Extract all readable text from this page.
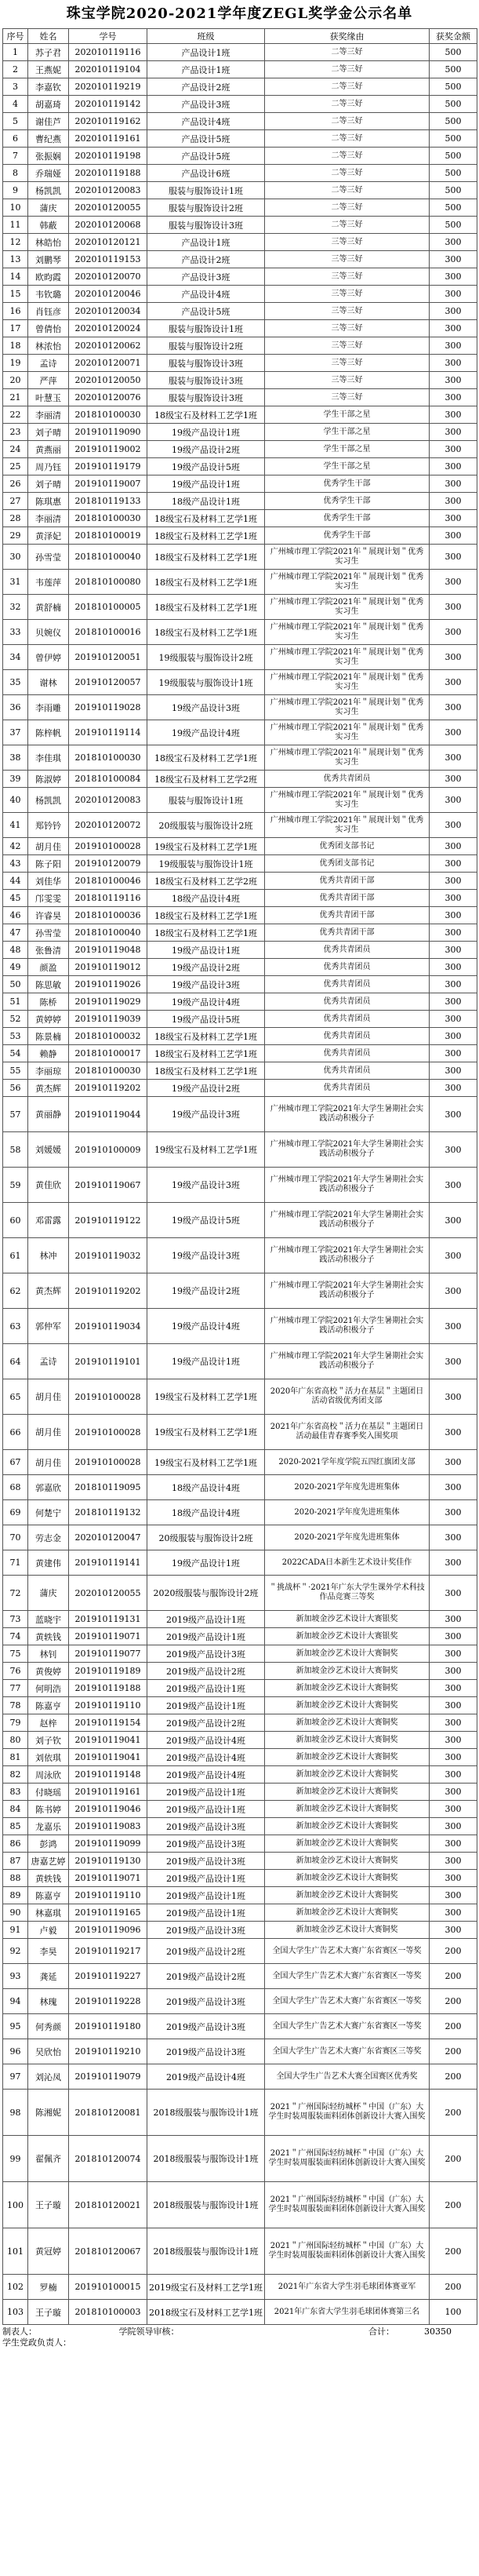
珠宝学院2020-2021学年度ZEGL奖学金公示名单
序号	姓名	学号	班级	获奖缘由	获奖金额
1	苏子君	202010119116	产品设计1班	二等三好	500
2	王燕妮	202010119104	产品设计1班	二等三好	500
3	李嘉钦	202010119219	产品设计2班	二等三好	500
4	胡嘉琦	202010119142	产品设计3班	二等三好	500
5	谢佳芦	202010119162	产品设计4班	二等三好	500
6	曹纪燕	202010119161	产品设计5班	二等三好	500
7	张振娴	202010119198	产品设计5班	二等三好	500
8	乔瑞娅	202010119188	产品设计6班	二等三好	500
9	杨凯凯	202010120083	服装与服饰设计1班	二等三好	500
10	蒲庆	202010120055	服装与服饰设计2班	二等三好	500
11	韩蔽	202010120068	服装与服饰设计3班	二等三好	500
12	林皓怡	202010120121	产品设计1班	三等三好	300
13	刘鹏琴	202010119153	产品设计2班	三等三好	300
14	欧昀霞	202010120070	产品设计3班	三等三好	300
15	韦钦璐	202010120046	产品设计4班	三等三好	300
16	肖钰彦	202010120034	产品设计5班	三等三好	300
17	曾倩怡	202010120024	服装与服饰设计1班	三等三好	300
18	林浓怡	202010120062	服装与服饰设计2班	三等三好	300
19	孟诗	202010120071	服装与服饰设计3班	三等三好	300
20	严萍	202010120050	服装与服饰设计3班	三等三好	300
21	叶慧玉	202010120076	服装与服饰设计3班	三等三好	300
22	李丽清	201810100030	18级宝石及材料工艺学1班	学生干部之星	300
23	刘子晴	201910119090	19级产品设计1班	学生干部之星	300
24	黄燕丽	201910119002	19级产品设计2班	学生干部之星	300
25	周乃钰	201910119179	19级产品设计5班	学生干部之星	300
26	刘子晴	201910119007	19级产品设计1班	优秀学生干部	300
27	陈琪惠	201810119133	18级产品设计1班	优秀学生干部	300
28	李丽清	201810100030	18级宝石及材料工艺学1班	优秀学生干部	300
29	黄泽妃	201810100019	18级宝石及材料工艺学1班	优秀学生干部	300
30	孙雪莹	201810100040	18级宝石及材料工艺学1班	广州城市理工学院2021年＂展现计划＂优秀实习生	300
31	韦莲萍	201810100080	18级宝石及材料工艺学1班	广州城市理工学院2021年＂展现计划＂优秀实习生	300
32	黄舒楠	201810100005	18级宝石及材料工艺学1班	广州城市理工学院2021年＂展现计划＂优秀实习生	300
33	贝婉仪	201810100016	18级宝石及材料工艺学1班	广州城市理工学院2021年＂展现计划＂优秀实习生	300
34	曾伊婷	201910120051	19级服装与服饰设计2班	广州城市理工学院2021年＂展现计划＂优秀实习生	300
35	谢林	201910120057	19级服装与服饰设计1班	广州城市理工学院2021年＂展现计划＂优秀实习生	300
36	李雨雕	201910119028	19级产品设计3班	广州城市理工学院2021年＂展现计划＂优秀实习生	300
37	陈梓帆	201910119114	19级产品设计4班	广州城市理工学院2021年＂展现计划＂优秀实习生	300
38	李佳琪	201810100030	18级宝石及材料工艺学1班	广州城市理工学院2021年＂展现计划＂优秀实习生	300
39	陈淑婷	201810100084	18级宝石及材料工艺学2班	优秀共青团员	300
40	杨凯凯	202010120083	服装与服饰设计1班	广州城市理工学院2021年＂展现计划＂优秀实习生	300
41	郑钤钤	202010120072	20级服装与服饰设计2班	广州城市理工学院2021年＂展现计划＂优秀实习生	300
42	胡月佳	201910100028	19级宝石及材料工艺学1班	优秀团支部书记	300
43	陈子阳	201910120079	19级服装与服饰设计1班	优秀团支部书记	300
44	刘佳华	201810100046	18级宝石及材料工艺学2班	优秀共青团干部	300
45	邝雯雯	201810119116	18级产品设计4班	优秀共青团干部	300
46	许睿昊	201810100036	18级宝石及材料工艺学1班	优秀共青团干部	300
47	孙雪莹	201810100040	18级宝石及材料工艺学1班	优秀共青团干部	300
48	张鲁清	201910119048	19级产品设计1班	优秀共青团员	300
49	颜盈	201910119012	19级产品设计2班	优秀共青团员	300
50	陈思敏	201910119026	19级产品设计3班	优秀共青团员	300
51	陈桥	201910119029	19级产品设计4班	优秀共青团员	300
52	黄婷婷	201910119039	19级产品设计5班	优秀共青团员	300
53	陈景楠	201810100032	18级宝石及材料工艺学1班	优秀共青团员	300
54	赖静	201810100017	18级宝石及材料工艺学1班	优秀共青团员	300
55	李丽琼	201810100030	18级宝石及材料工艺学1班	优秀共青团员	300
56	黄杰辉	201910119202	19级产品设计2班	优秀共青团员	300
57	黄丽静	201910119044	19级产品设计3班	广州城市理工学院2021年大学生暑期社会实践活动积极分子	300
58	刘媛媛	201910100009	19级宝石及材料工艺学1班	广州城市理工学院2021年大学生暑期社会实践活动积极分子	300
59	黄佳欣	201910119067	19级产品设计3班	广州城市理工学院2021年大学生暑期社会实践活动积极分子	300
60	邓雷露	201910119122	19级产品设计5班	广州城市理工学院2021年大学生暑期社会实践活动积极分子	300
61	林冲	201910119032	19级产品设计3班	广州城市理工学院2021年大学生暑期社会实践活动积极分子	300
62	黄杰辉	201910119202	19级产品设计2班	广州城市理工学院2021年大学生暑期社会实践活动积极分子	300
63	郭仲军	201910119034	19级产品设计4班	广州城市理工学院2021年大学生暑期社会实践活动积极分子	300
64	孟诗	201910119101	19级产品设计1班	广州城市理工学院2021年大学生暑期社会实践活动积极分子	300
65	胡月佳	201910100028	19级宝石及材料工艺学1班	2020年广东省高校＂活力在基层＂主题团日活动省级优秀团支部	300
66	胡月佳	201910100028	19级宝石及材料工艺学1班	2021年广东省高校＂活力在基层＂主题团日活动最佳青春赛季奖入围奖项	300
67	胡月佳	201910100028	19级宝石及材料工艺学1班	2020-2021学年度学院五四红旗团支部	300
68	郭嘉欣	201810119095	18级产品设计4班	2020-2021学年度先进班集体	300
69	何楚宁	201810119132	18级产品设计4班	2020-2021学年度先进班集体	300
70	劳志金	202010120047	20级服装与服饰设计2班	2020-2021学年度先进班集体	300
71	黄建伟	201910119141	19级产品设计1班	2022CADA日本新生艺术设计奖佳作	300
72	蒲庆	202010120055	2020级服装与服饰设计2班	＂挑战杯＂·2021年广东大学生课外学术科技作品竞赛三等奖	300
73	蓝晓宇	201910119131	2019级产品设计1班	新加坡金沙艺术设计大赛银奖	300
74	黄轶钱	201910119071	2019级产品设计1班	新加坡金沙艺术设计大赛银奖	300
75	林钊	201910119077	2019级产品设计3班	新加坡金沙艺术设计大赛铜奖	300
76	黄俊婷	201910119189	2019级产品设计2班	新加坡金沙艺术设计大赛铜奖	300
77	何明浩	201910119188	2019级产品设计1班	新加坡金沙艺术设计大赛铜奖	300
78	陈嘉亨	201910119110	2019级产品设计1班	新加坡金沙艺术设计大赛铜奖	300
79	赵梓	201910119154	2019级产品设计2班	新加坡金沙艺术设计大赛铜奖	300
80	刘子钦	201910119041	2019级产品设计4班	新加坡金沙艺术设计大赛铜奖	300
81	刘依琪	201910119041	2019级产品设计4班	新加坡金沙艺术设计大赛铜奖	300
82	周泳欣	201910119148	2019级产品设计4班	新加坡金沙艺术设计大赛铜奖	300
83	付晓瑶	201910119161	2019级产品设计1班	新加坡金沙艺术设计大赛铜奖	300
84	陈书婷	201910119046	2019级产品设计1班	新加坡金沙艺术设计大赛铜奖	300
85	龙嘉乐	201910119083	2019级产品设计3班	新加坡金沙艺术设计大赛铜奖	300
86	彭鸿	201910119099	2019级产品设计3班	新加坡金沙艺术设计大赛铜奖	300
87	唐嘉艺婷	201910119130	2019级产品设计3班	新加坡金沙艺术设计大赛铜奖	300
88	黄轶钱	201910119071	2019级产品设计1班	新加坡金沙艺术设计大赛铜奖	300
89	陈嘉亨	201910119110	2019级产品设计1班	新加坡金沙艺术设计大赛铜奖	300
90	林嘉琪	201910119165	2019级产品设计1班	新加坡金沙艺术设计大赛铜奖	300
91	卢毅	201910119096	2019级产品设计3班	新加坡金沙艺术设计大赛铜奖	300
92	李昊	201910119217	2019级产品设计2班	全国大学生广告艺术大赛广东省赛区一等奖	200
93	龚延	201910119227	2019级产品设计2班	全国大学生广告艺术大赛广东省赛区一等奖	200
94	林瑰	201910119228	2019级产品设计3班	全国大学生广告艺术大赛广东省赛区一等奖	200
95	何秀颜	201910119180	2019级产品设计3班	全国大学生广告艺术大赛广东省赛区一等奖	200
96	吴欣怡	201910119210	2019级产品设计3班	全国大学生广告艺术大赛广东省赛区三等奖	200
97	刘沁凤	201910119079	2019级产品设计4班	全国大学生广告艺术大赛全国赛区优秀奖	200
98	陈湘妮	201810120081	2018级服装与服饰设计1班	2021＂广州国际轻纺城杯＂中国（广东）大学生时装周服装面料团体创新设计大赛入围奖	200
99	翟佩齐	201810120074	2018级服装与服饰设计1班	2021＂广州国际轻纺城杯＂中国（广东）大学生时装周服装面料团体创新设计大赛入围奖	200
100	王子璇	201810120021	2018级服装与服饰设计1班	2021＂广州国际轻纺城杯＂中国（广东）大学生时装周服装面料团体创新设计大赛入围奖	200
101	黄冠婷	201810120067	2018级服装与服饰设计1班	2021＂广州国际轻纺城杯＂中国（广东）大学生时装周服装面料团体创新设计大赛入围奖	200
102	罗楠	201910100015	2019级宝石及材料工艺学1班	2021年广东省大学生羽毛球团体赛亚军	200
103	王子璇	201810100003	2018级宝石及材料工艺学1班	2021年广东省大学生羽毛球团体赛第三名	100
制表人：	学院领导审核：	合计：	30350
学生党政负责人：
